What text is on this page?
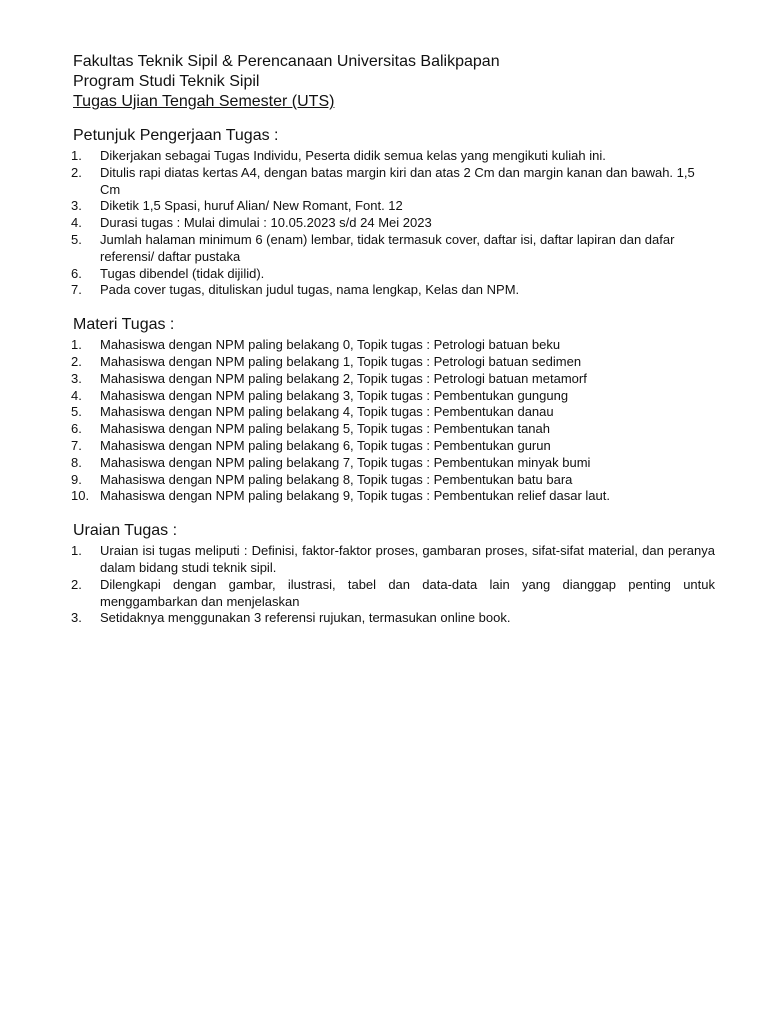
Fakultas Teknik Sipil & Perencanaan Universitas Balikpapan
Program Studi Teknik Sipil
Tugas Ujian Tengah Semester (UTS)
Petunjuk Pengerjaan Tugas :
1. Dikerjakan sebagai Tugas Individu, Peserta didik semua kelas yang mengikuti kuliah ini.
2. Ditulis rapi diatas kertas A4, dengan batas margin kiri dan atas 2 Cm dan margin kanan dan bawah. 1,5 Cm
3. Diketik 1,5 Spasi, huruf Alian/ New Romant, Font. 12
4. Durasi tugas : Mulai dimulai : 10.05.2023 s/d 24 Mei 2023
5. Jumlah halaman minimum 6 (enam) lembar, tidak termasuk cover, daftar isi, daftar lapiran dan dafar referensi/ daftar pustaka
6. Tugas dibendel (tidak dijilid).
7. Pada cover tugas, dituliskan judul tugas, nama lengkap, Kelas dan NPM.
Materi Tugas :
1. Mahasiswa dengan NPM paling belakang 0, Topik tugas : Petrologi batuan beku
2. Mahasiswa dengan NPM paling belakang 1, Topik tugas : Petrologi batuan sedimen
3. Mahasiswa dengan NPM paling belakang 2, Topik tugas : Petrologi batuan metamorf
4. Mahasiswa dengan NPM paling belakang 3, Topik tugas : Pembentukan gungung
5. Mahasiswa dengan NPM paling belakang 4, Topik tugas : Pembentukan danau
6. Mahasiswa dengan NPM paling belakang 5, Topik tugas : Pembentukan tanah
7. Mahasiswa dengan NPM paling belakang 6, Topik tugas : Pembentukan gurun
8. Mahasiswa dengan NPM paling belakang 7, Topik tugas : Pembentukan minyak bumi
9. Mahasiswa dengan NPM paling belakang 8, Topik tugas : Pembentukan batu bara
10. Mahasiswa dengan NPM paling belakang 9, Topik tugas : Pembentukan relief dasar laut.
Uraian Tugas :
1. Uraian isi tugas meliputi : Definisi, faktor-faktor proses, gambaran proses, sifat-sifat material, dan peranya dalam bidang studi teknik sipil.
2. Dilengkapi dengan gambar, ilustrasi, tabel dan data-data lain yang dianggap penting untuk menggambarkan dan menjelaskan
3. Setidaknya menggunakan 3 referensi rujukan, termasukan online book.
